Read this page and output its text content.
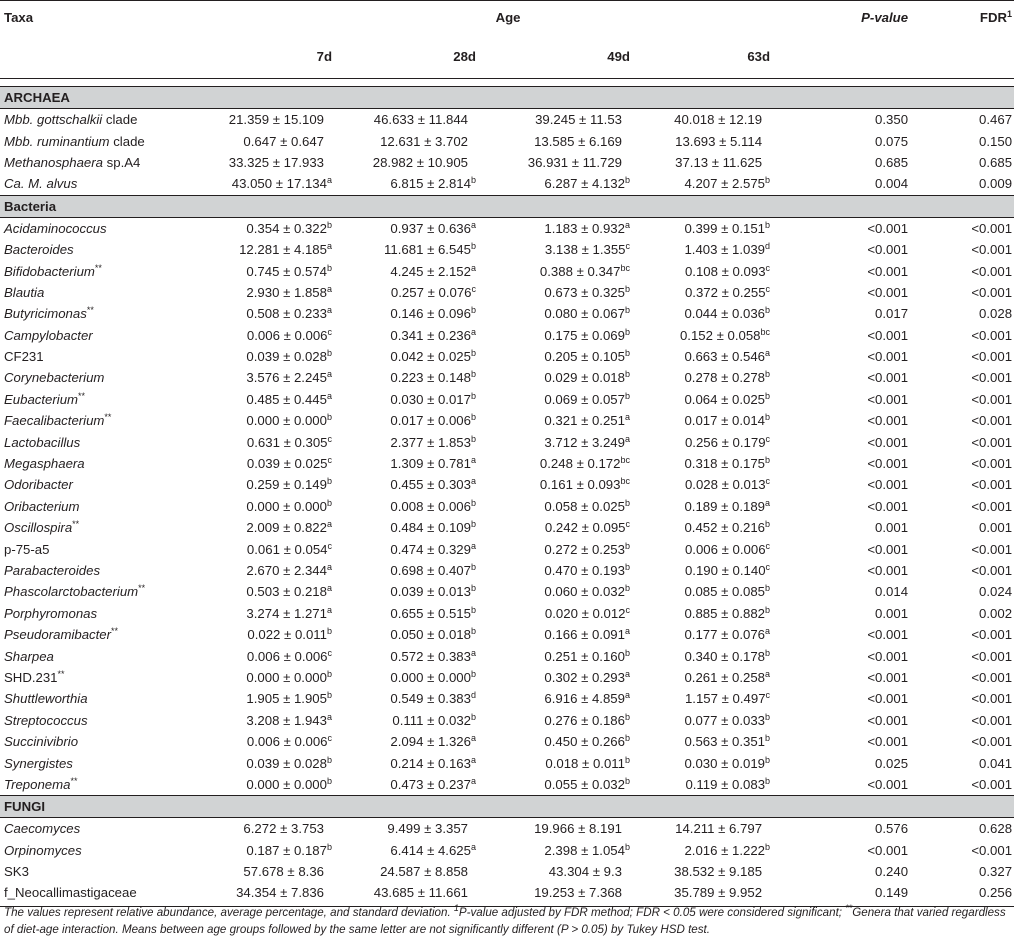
Taxa	Age				P-value	FDR$^1$
	7d	28d	49d	63d		

ARCHAEA						
Mbb. gottschalkii clade	21.359 ± 15.109	46.633 ± 11.844	39.245 ± 11.53	40.018 ± 12.19	0.350	0.467
Mbb. ruminantium clade	0.647 ± 0.647	12.631 ± 3.702	13.585 ± 6.169	13.693 ± 5.114	0.075	0.150
Methanosphaera sp.A4	33.325 ± 17.933	28.982 ± 10.905	36.931 ± 11.729	37.13 ± 11.625	0.685	0.685
Ca. M. alvus	43.050 ± 17.134$^a$	6.815 ± 2.814$^b$	6.287 ± 4.132$^b$	4.207 ± 2.575$^b$	0.004	0.009
Bacteria						
Acidaminococcus	0.354 ± 0.322$^b$	0.937 ± 0.636$^a$	1.183 ± 0.932$^a$	0.399 ± 0.151$^b$	<0.001	<0.001
Bacteroides	12.281 ± 4.185$^a$	11.681 ± 6.545$^b$	3.138 ± 1.355$^c$	1.403 ± 1.039$^d$	<0.001	<0.001
Bifidobacterium**	0.745 ± 0.574$^b$	4.245 ± 2.152$^a$	0.388 ± 0.347$^{bc}$	0.108 ± 0.093$^c$	<0.001	<0.001
Blautia	2.930 ± 1.858$^a$	0.257 ± 0.076$^c$	0.673 ± 0.325$^b$	0.372 ± 0.255$^c$	<0.001	<0.001
Butyricimonas**	0.508 ± 0.233$^a$	0.146 ± 0.096$^b$	0.080 ± 0.067$^b$	0.044 ± 0.036$^b$	0.017	0.028
Campylobacter	0.006 ± 0.006$^c$	0.341 ± 0.236$^a$	0.175 ± 0.069$^b$	0.152 ± 0.058$^{bc}$	<0.001	<0.001
CF231	0.039 ± 0.028$^b$	0.042 ± 0.025$^b$	0.205 ± 0.105$^b$	0.663 ± 0.546$^a$	<0.001	<0.001
Corynebacterium	3.576 ± 2.245$^a$	0.223 ± 0.148$^b$	0.029 ± 0.018$^b$	0.278 ± 0.278$^b$	<0.001	<0.001
Eubacterium**	0.485 ± 0.445$^a$	0.030 ± 0.017$^b$	0.069 ± 0.057$^b$	0.064 ± 0.025$^b$	<0.001	<0.001
Faecalibacterium**	0.000 ± 0.000$^b$	0.017 ± 0.006$^b$	0.321 ± 0.251$^a$	0.017 ± 0.014$^b$	<0.001	<0.001
Lactobacillus	0.631 ± 0.305$^c$	2.377 ± 1.853$^b$	3.712 ± 3.249$^a$	0.256 ± 0.179$^c$	<0.001	<0.001
Megasphaera	0.039 ± 0.025$^c$	1.309 ± 0.781$^a$	0.248 ± 0.172$^{bc}$	0.318 ± 0.175$^b$	<0.001	<0.001
Odoribacter	0.259 ± 0.149$^b$	0.455 ± 0.303$^a$	0.161 ± 0.093$^{bc}$	0.028 ± 0.013$^c$	<0.001	<0.001
Oribacterium	0.000 ± 0.000$^b$	0.008 ± 0.006$^b$	0.058 ± 0.025$^b$	0.189 ± 0.189$^a$	<0.001	<0.001
Oscillospira**	2.009 ± 0.822$^a$	0.484 ± 0.109$^b$	0.242 ± 0.095$^c$	0.452 ± 0.216$^b$	0.001	0.001
p-75-a5	0.061 ± 0.054$^c$	0.474 ± 0.329$^a$	0.272 ± 0.253$^b$	0.006 ± 0.006$^c$	<0.001	<0.001
Parabacteroides	2.670 ± 2.344$^a$	0.698 ± 0.407$^b$	0.470 ± 0.193$^b$	0.190 ± 0.140$^c$	<0.001	<0.001
Phascolarctobacterium**	0.503 ± 0.218$^a$	0.039 ± 0.013$^b$	0.060 ± 0.032$^b$	0.085 ± 0.085$^b$	0.014	0.024
Porphyromonas	3.274 ± 1.271$^a$	0.655 ± 0.515$^b$	0.020 ± 0.012$^c$	0.885 ± 0.882$^b$	0.001	0.002
Pseudoramibacter**	0.022 ± 0.011$^b$	0.050 ± 0.018$^b$	0.166 ± 0.091$^a$	0.177 ± 0.076$^a$	<0.001	<0.001
Sharpea	0.006 ± 0.006$^c$	0.572 ± 0.383$^a$	0.251 ± 0.160$^b$	0.340 ± 0.178$^b$	<0.001	<0.001
SHD.231**	0.000 ± 0.000$^b$	0.000 ± 0.000$^b$	0.302 ± 0.293$^a$	0.261 ± 0.258$^a$	<0.001	<0.001
Shuttleworthia	1.905 ± 1.905$^b$	0.549 ± 0.383$^d$	6.916 ± 4.859$^a$	1.157 ± 0.497$^c$	<0.001	<0.001
Streptococcus	3.208 ± 1.943$^a$	0.111 ± 0.032$^b$	0.276 ± 0.186$^b$	0.077 ± 0.033$^b$	<0.001	<0.001
Succinivibrio	0.006 ± 0.006$^c$	2.094 ± 1.326$^a$	0.450 ± 0.266$^b$	0.563 ± 0.351$^b$	<0.001	<0.001
Synergistes	0.039 ± 0.028$^b$	0.214 ± 0.163$^a$	0.018 ± 0.011$^b$	0.030 ± 0.019$^b$	0.025	0.041
Treponema**	0.000 ± 0.000$^b$	0.473 ± 0.237$^a$	0.055 ± 0.032$^b$	0.119 ± 0.083$^b$	<0.001	<0.001
FUNGI						
Caecomyces	6.272 ± 3.753	9.499 ± 3.357	19.966 ± 8.191	14.211 ± 6.797	0.576	0.628
Orpinomyces	0.187 ± 0.187$^b$	6.414 ± 4.625$^a$	2.398 ± 1.054$^b$	2.016 ± 1.222$^b$	<0.001	<0.001
SK3	57.678 ± 8.36	24.587 ± 8.858	43.304 ± 9.3	38.532 ± 9.185	0.240	0.327
f_Neocallimastigaceae	34.354 ± 7.836	43.685 ± 11.661	19.253 ± 7.368	35.789 ± 9.952	0.149	0.256

The values represent relative abundance, average percentage, and standard deviation. $^1$P-value adjusted by FDR method; FDR < 0.05 were considered significant; **Genera that varied regardless of diet-age interaction. Means between age groups followed by the same letter are not significantly different (P > 0.05) by Tukey HSD test.
